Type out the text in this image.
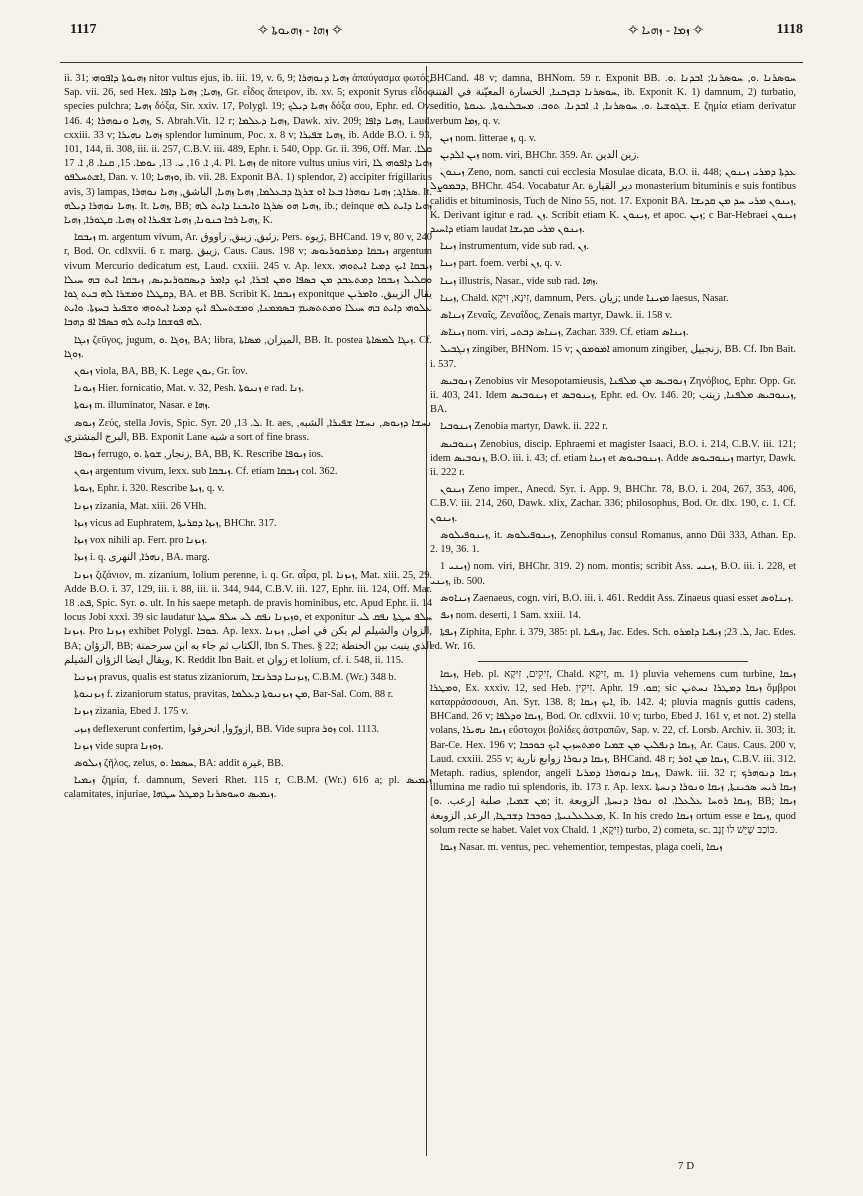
1117	✧ ܙܗܐ - ܙܗܝܘܬܐ ✧	✧ ܙܡܐ - ܙܗܝܐ ✧	1118

ii. 31; ܙܗܝܘܬܐ ܕܐܦܘܗܝ nitor vultus ejus, ib. iii. 19, v. 6, 9; ܙܗܝܐ ܕܢܘܗܪܐ ἀπαύγασμα φωτός, Sap. vii. 26, sed Hex. ܙܗܝܐ; ܙܗܝܐ ܕܐܦܐ, Gr. εἶδος ἄπειρον, ib. xv. 5; exponit Syrus εἶδος species pulchra; ܙܗܝܐ δόξα, Sir. xxiv. 17, Polygl. 19; ܙܗܝܐ ܕܝܠܟ δόξα σου, Ephr. ed. Ov. 146. 4; ܙܗܝܐ ܘܢܘܗܪܐ, S. Abrah.Vit. 12 r; ܙܗܝܐ ܕܥܠܡܐ, Dawk. xiv. 209; ܙܗܝܐ ܕܐܦܐ, Laud. cxxiii. 33 v; ܙܗܝܐ ܢܗܝܪܐ splendor luminum, Poc. x. 8 v; ܙܗܝܐ ܫܦܝܪܐ, ib. Adde B.O. i. 93, 101, 144, ii. 308, iii. ii. 257, C.B.V. iii. 489, Ephr. i. 540, Opp. Gr. ii. 396, Off. Mar. ܩܠܐ. 4, ܐ. 16, ܝ. 13, ܝܘܡܐ. 15, ܩܢܐ. 8, ܐ. 17. Pl. ܙܗܝܐ de nitore vultus unius viri, ܙܗܝܐ ܕܐܦܘܗܝ ܠܐ ܐܫܬܚܠܦܘ, Dan. v. 10; ܘܙܗܝܐ, ib. vii. 28. Exponit BA. 1) splendor, 2) accipiter frigillarius avis, 3) lampas, ܣܪܐܓ; ܙܗܝܐ ܢܘܗܪܐ ܒܥܐ ܐܘ ܫܪܓܐ ܕܒܥܠܡܐ, ܙܗܝܐ ܙܗܝܐ, الباشق, ܙܗܝܐ ܢܘܗܪܐ. It. ܙܗܝܐ ܢܘܗܪܐ ܕܝܠܗ. It. ܙܗܝܐ, BB; ܙܗܝܐ ܗܘ ܣܪܓܐ ܘܐܝܟܢܐ ܕܐܝܬ ܠܗ, ib.; deinque ܙܗܝܐ ܕܐܝܬ ܠܗ ܙܗܝܐ ܪܒܐ ܟܢܘܢܐ, ܙܗܝܐ ܫܦܝܪܐ ܐܘ ܙܗܝܐ. ܩܛܘܪܐ, ܙܗܝܐ, K.

ܙܝܒܩܐ m. argentum vivum, Ar. زئبق, زيبق, زاووق, Pers. ژیوه, BHCand. 19 v, 80 v, 240 r, Bod. Or. cdlxvii. 6 r. marg. زيبق, Caus. Caus. 198 v; ܙܝܒܩܐ ܕܡܪܩܘܪܝܘܣ argentum vivum Mercurio dedicatum est, Laud. cxxiii. 245 v. Ap. lexx. ܙܝܒܩܐ ܐܝܟ ܕܡܝܐ ܐܝܬܘܗܝ ܘܩܠܝܠ ܙܝܒܩܐ ܕܡܬܥܒܕ ܡܢ ܟܣܦܐ ܘܡܢ ܐܒܪܐ, ܐܝܟ ܕܐܡܪ ܕܝܣܩܘܪܝܕܝܣ, ܙܝܒܩܐ ܐܝܬ ܒܗ ܚܝܠܐ ܕܩܛܠܐ ܘܡܫܪܐ ܠܗ ܒܝܬ ܓܘܐ, BA. et BB. Scribit K. ܙܝܒܩܐ exponitque يقال الزيبق. ܘܐܡܪܝܢ ܥܠܘܗܝ ܕܐܝܬ ܒܗ ܚܝܠܐ ܘܡܬܬܣܝܡ ܒܣܡܡܢܐ, ܘܡܫܬܚܠܦ ܐܝܟ ܕܡܝܐ ܐܝܬܘܗܝ ܘܫܦܝܪ ܒܚܙܬܐ. ܘܐܝܬ ܠܗ ܦܘܫܩܐ ܕܐܝܬ ܠܗ ܟܣܦܐ ܐܦ ܕܗܒܐ.

ܙܝܓܐ ζεῦγος, jugum, ܙܘܓܐ .ܘ, BA; libra, الميزان, ܡܣܐܬܐ, BB. It. postea ܙܝܓܐ ܠܡܣܐܬܐ. Cf. ܙܘܓܐ.

ܙܝܘܢ viola, BA, BB, K. Lege ܝܘܢ, Gr. ἴον.

ܙܝܘܢܐ Hier. fornicatio, Mat. v. 32, Pesh. ܙܢܝܘܬܐ e rad. ܙܢܐ.

ܙܝܘܬܐ m. illuminator, Nasar. e ܙܗܐ.

ܙܝܘܣ Ζεύς, stella Jovis, Spic. Syr. ܠ. 13, 20. It. aes, ܢܚܫܐ ܕܙܝܘܣ, ܢܚܫܐ ܫܦܝܪܐ, الشبه, البرج المشتري, BB. Exponit Lane شبه a sort of fine brass.

ܙܝܘܦܐ ferrugo, زنجار, ܫܘܬܐ .ܘ, BA, BB, K. Rescribe ܙܝܘܦܐ ios.

ܙܝܘܢ argentum vivum, lexx. sub ܙܝܒܩܐ. Cf. etiam ܙܝܒܩܐ col. 362.

ܙܝܘܬܐ, Ephr. i. 320. Rescribe ܙܝܬܐ, q. v.

ܙܝܙܢܐ zizania, Mat. xiii. 26 VHh.

ܙܝܙܐ vicus ad Euphratem, ܙܝܙܐ ܕܩܪܝܬܐ, BHChr. 317.

ܙܝܙܐ vox nihili ap. Ferr. pro ܙܝܙܢܐ.

ܙܝܙܐ i. q. ܢܗܪܐ, النهرى, BA. marg.

ܙܝܙܢܐ ζιζάνιον, m. zizanium, lolium perenne, i. q. Gr. αἶρα, pl. ܙܝܙܢܐ, Mat. xiii. 25, 29. Adde B.O. i. 37, 129, iii. i. 88, iii. ii. 344, 944, C.B.V. iii. 127, Ephr. iii. 124, Off. Mar. ܦܬ. 18, Spic. Syr. ܘ. ult. In his saepe metaph. de pravis hominibus, etc. Apud Ephr. ii. 14 locus Jobi xxxi. 39 sic laudatur ܘܙܝܙܢܐ ܢܦܩ ܠܝ ܚܠܦ ܚܛܬܐ, et exponitur ܚܠܦ ܚܛܬܐ ܢܦܩ ܠܝ ܙܝܙܢܐ. Pro ܙܝܙܢܐ exhibet Polygl. ܟܘܒܐ. Ap. lexx. الزوان والشيلم لم يكن في اصل, ܙܝܙܢܐ, BA; الزؤان, BB; الكتاب ثم جاء به ابن سرحمنة, Ibn S. Thes. § 22; الذي ينبت بين الحنطة ويقال ايضا الزؤان الشيلم, K. Reddit Ibn Bait. et زوان et lolium, cf. i. 548, ii. 115.

ܙܝܙܢܝܐ pravus, qualis est status zizaniorum, ܙܝܙܢܝܐ ܕܒܪܢܫܐ, C.B.M. (Wr.) 348 b.

ܙܝܙܢܝܘܬܐ f. zizaniorum status, pravitas, ܡܢ ܙܝܙܢܝܘܬܐ ܕܥܠܡܐ, Bar-Sal. Com. 88 r.

ܙܝܙܢܐ zizania, Ebed J. 175 v.

ܙܝܙܝ deflexerunt confertim, ازورّوا, انحرفوا, BB. Vide supra ܙܘܪ col. 1113.

ܙܝܙܢܐ vide supra ܙܘܙܢܐ.

ܙܝܠܘܣ ζῆλος, zelus, ܚܣܡܐ .ܘ, BA: addit غيرة, BB.

ܙܝܡܝܐ ζημία, f. damnum, Severi Rhet. 115 r, C.B.M. (Wr.) 616 a; pl. ܙܝܡܝܣ calamitates, injuriae, ܙܝܡܝܣ ܘܚܘܣܪܢܐ ܕܡܛܠ ܚܛܗܐ.

BHCand. 48 v; damna, BHNom. 59 r. Exponit BB. ܚܘܣܪܢܐ .ܘ, ܚܘܣܪܢܐ; ܐܒܕܢܐ .ܘ. ܚܘܣܪܢܐ ܕܒܙܒܢܐ, الخسارة المعيّنة في الفتنة, ib. Exponit K. 1) damnum, 2) turbatio, seditio, ܫܓܘܫܝܐ .ܘ. ܚܘܣܪܢܐ, ܐ. ܐܒܕܢܐ. ܬܘܒ. ܡܚܒܠܢܘܬܐ, ܥܝܩܬܐ. E ζημία etiam derivatur verbum ܙܡܐ, q. v.

ܙܝܢ nom. litterae ܙ, q. v.

ܙܝܢ ܐܠܕܝܢ nom. viri, BHChr. 359. Ar. زين الدين.

ܙܝܢܘܢ Zeno, nom. sancti cui ecclesia Mosulae dicata, B.O. ii. 448; ܥܕܬܐ ܕܡܪܝ ܙܝܢܘܢ ܕܒܡܘܨܠ, BHChr. 454. Vocabatur Ar. دير القيارة monasterium bituminis e suis fontibus calidis et bituminosis, Tuch de Nino 55, not. 17. Exponit BA. ܙܝܢܘܢ ܡܪܝ ܚܕ ܡܢ ܩܕܝܫܐ, K. Derivant igitur e rad. ܙܢ. Scribit etiam K. ܙܝܢܘܢ, et apoc. ܙܝܢ; c Bar-Hebraei ܙܝܢܘܢ ܕܐܚܝܕ etiam laudat ܙܝܢܘܢ ܡܪܝ ܩܕܝܫܐ.

ܙܝܢܐ instrumentum, vide sub rad. ܙܢ.

ܙܝܢܐ part. foem. verbi ܙܢ, q. v.

ܙܝܢܐ illustris, Nasar., vide sub rad. ܙܗܐ.

ܙܝܢܐ, Chald. זִינָא, זִיקָא, damnum, Pers. زیان; unde ܡܙܝܢܐ laesus, Nasar.

ܙܝܢܐܣ Ζεναΐς, Ζεναΐδος, Zenais martyr, Dawk. ii. 158 v.

ܙܝܢܐܣ nom. viri, ܙܝܢܐܣ ܕܒܬܝ, Zachar. 339. Cf. etiam ܙܝܢܐܣ.

ܙܢܓܒܝܠ zingiber, BHNom. 15 v; ܐܡܘܡܘܢ amonum zingiber, زنجبيل, BB. Cf. Ibn Bait. i. 537.

ܙܢܘܒܝܣ Zenobius vir Mesopotamieusis, ܙܢܘܒܝܣ ܡܢ ܡܠܦܢܐ Ζηνόβιος, Ephr. Opp. Gr. ii. 403, 241. Idem ܙܝܢܘܒܝܣ et ܙܝܢܘܒܣ, Ephr. ed. Ov. 146. 20; ܙܝܢܘܒܝܣ ܡܠܦܢܐ, زينب, BA.

ܙܝܢܘܒܝܐ Zenobia martyr, Dawk. ii. 222 r.

ܙܝܢܘܒܝܣ Zenobius, discip. Ephraemi et magister Isaaci, B.O. i. 214, C.B.V. iii. 121; idem ܙܢܘܒܝܣ, B.O. iii. i. 43; cf. etiam ܙܝܢܐ et ܙܝܢܘܒܝܘܣ. Adde ܙܝܢܘܒܝܘܣ martyr, Dawk. ii. 222 r.

ܙܝܢܘܢ Zeno imper., Anecd. Syr. i. App. 9, BHChr. 78, B.O. i. 204, 267, 353, 406, C.B.V. iii. 214, 260, Dawk. xlix, Zachar. 336; philosophus, Bod. Or. dlx. 190, c. 1. Cf. ܙܝܢܘܢ.

ܙܝܢܘܦܝܠܘܣ, it. ܙܝܢܘܦܝܠܘܣ, Zenophilus consul Romanus, anno Dūi 333, Athan. Ep. 2. 19, 36. 1.

ܙܝܢܝ 1) nom. viri, BHChr. 319. 2) nom. montis; scribit Ass. ܙܝܢܝ, B.O. iii. i. 228, et ܙܝܢܝ, ib. 500.

ܙܝܢܐܘܣ Zaenaeus, cogn. viri, B.O. iii. i. 461. Reddit Ass. Zinaeus quasi esset ܙܝܢܐܘܣ.

ܙܝܦ nom. deserti, 1 Sam. xxiii. 14.

ܙܝܦܬܐ Ziphita, Ephr. i. 379, 385: pl. ܙܝܦܝܐ, Jac. Edes. Sch. ܠ. 23; ܙܝܦܝܐ ܕܐܡܪܘ, Jac. Edes. ed. Wr. 16.

ܙܝܩܐ, Heb. pl. זִיקִים, זִיקָא, Chald. זִיקָא, m. 1) pluvia vehemens cum turbine, ܙܝܩܐ ܘܡܛܪܐ, Ex. xxxiv. 12, sed Heb. זִיקִין. Aphr. ܩܘ. 19; sic ܙܝܩܐ ܕܡܛܪܐ ܢܚܬܝܢ ὄμβροι καταρράσσουσι, An. Syr. 138. 8; ܐܝܟ ܙܝܩܐ, ib. 142. 4; pluvia magnis guttis cadens, BHCand. 26 v; ܙܝܩܐ ܘܕܠܦܐ, Bod. Or. cdlxvii. 10 v; turbo, Ebed J. 161 v, et not. 2) stella volans, ܙܝܩܐ ܢܗܝܪܐ εὔστοχοι βολίδες ἀστραπῶν, Sap. v. 22, cf. Lorsb. Archiv. ii. 303; it. Bar-Ce. Hex. 196 v; ܙܝܩܐ ܕܢܦܠܝܢ ܡܢ ܫܡܝܐ ܘܡܬܚܙܝܢ ܐܝܟ ܟܘܟܒܐ, Ar. Caus. Caus. 200 v, Laud. cxxiii. 255 v; ܙܝܩܐ ܕܢܘܪܐ زوابع نارية, BHCand. 48 r; ܙܝܩܐ ܡܢ ܐܘܪ, C.B.V. iii. 312. Metaph. radius, splendor, angeli ܙܝܩܐ ܕܢܘܗܪܐ ܕܡܪܝܐ, Dawk. iii. 32 r; ܙܝܩܐ ܕܢܘܗܪܟ illumina me radio tui splendoris, ib. 173 r. Ap. lexx. ܙܝܩܐ ܪܝܚ ܣܟܝܢܬܐ, ܙܝܩܐ ܘܢܘܪܐ ܕܢܚܬܐ ܡܢ ܫܡܝܐ, صلبة [رعب. .ܘ]; it. ܙܝܩܐ ܪܘܚܐ ܥܠܥܠܐ. ܐܘ ܢܘܪܐ ܕܢܚܬܐ, الزوبعة, BB; ܙܝܩܐ ܡܥܠܥܠܢܝܬܐ, ܟܘܟܒܐ ܕܫܒܛܐ, الرعد, الزوبعة, K. In his credo ܙܝܩܐ ortum esse e ܙܝܩܐ, quod solum recte se habet. Valet vox Chald. זִיקָא, 1) turbo, 2) cometa, sc. כּוֹכַב שֶׁיֵּשׁ לוֹ זָנָב.

ܙܝܩܐ Nasar. m. ventus, pec. vehementior, tempestas, plaga coeli, ܙܝܩܐ

7 D
